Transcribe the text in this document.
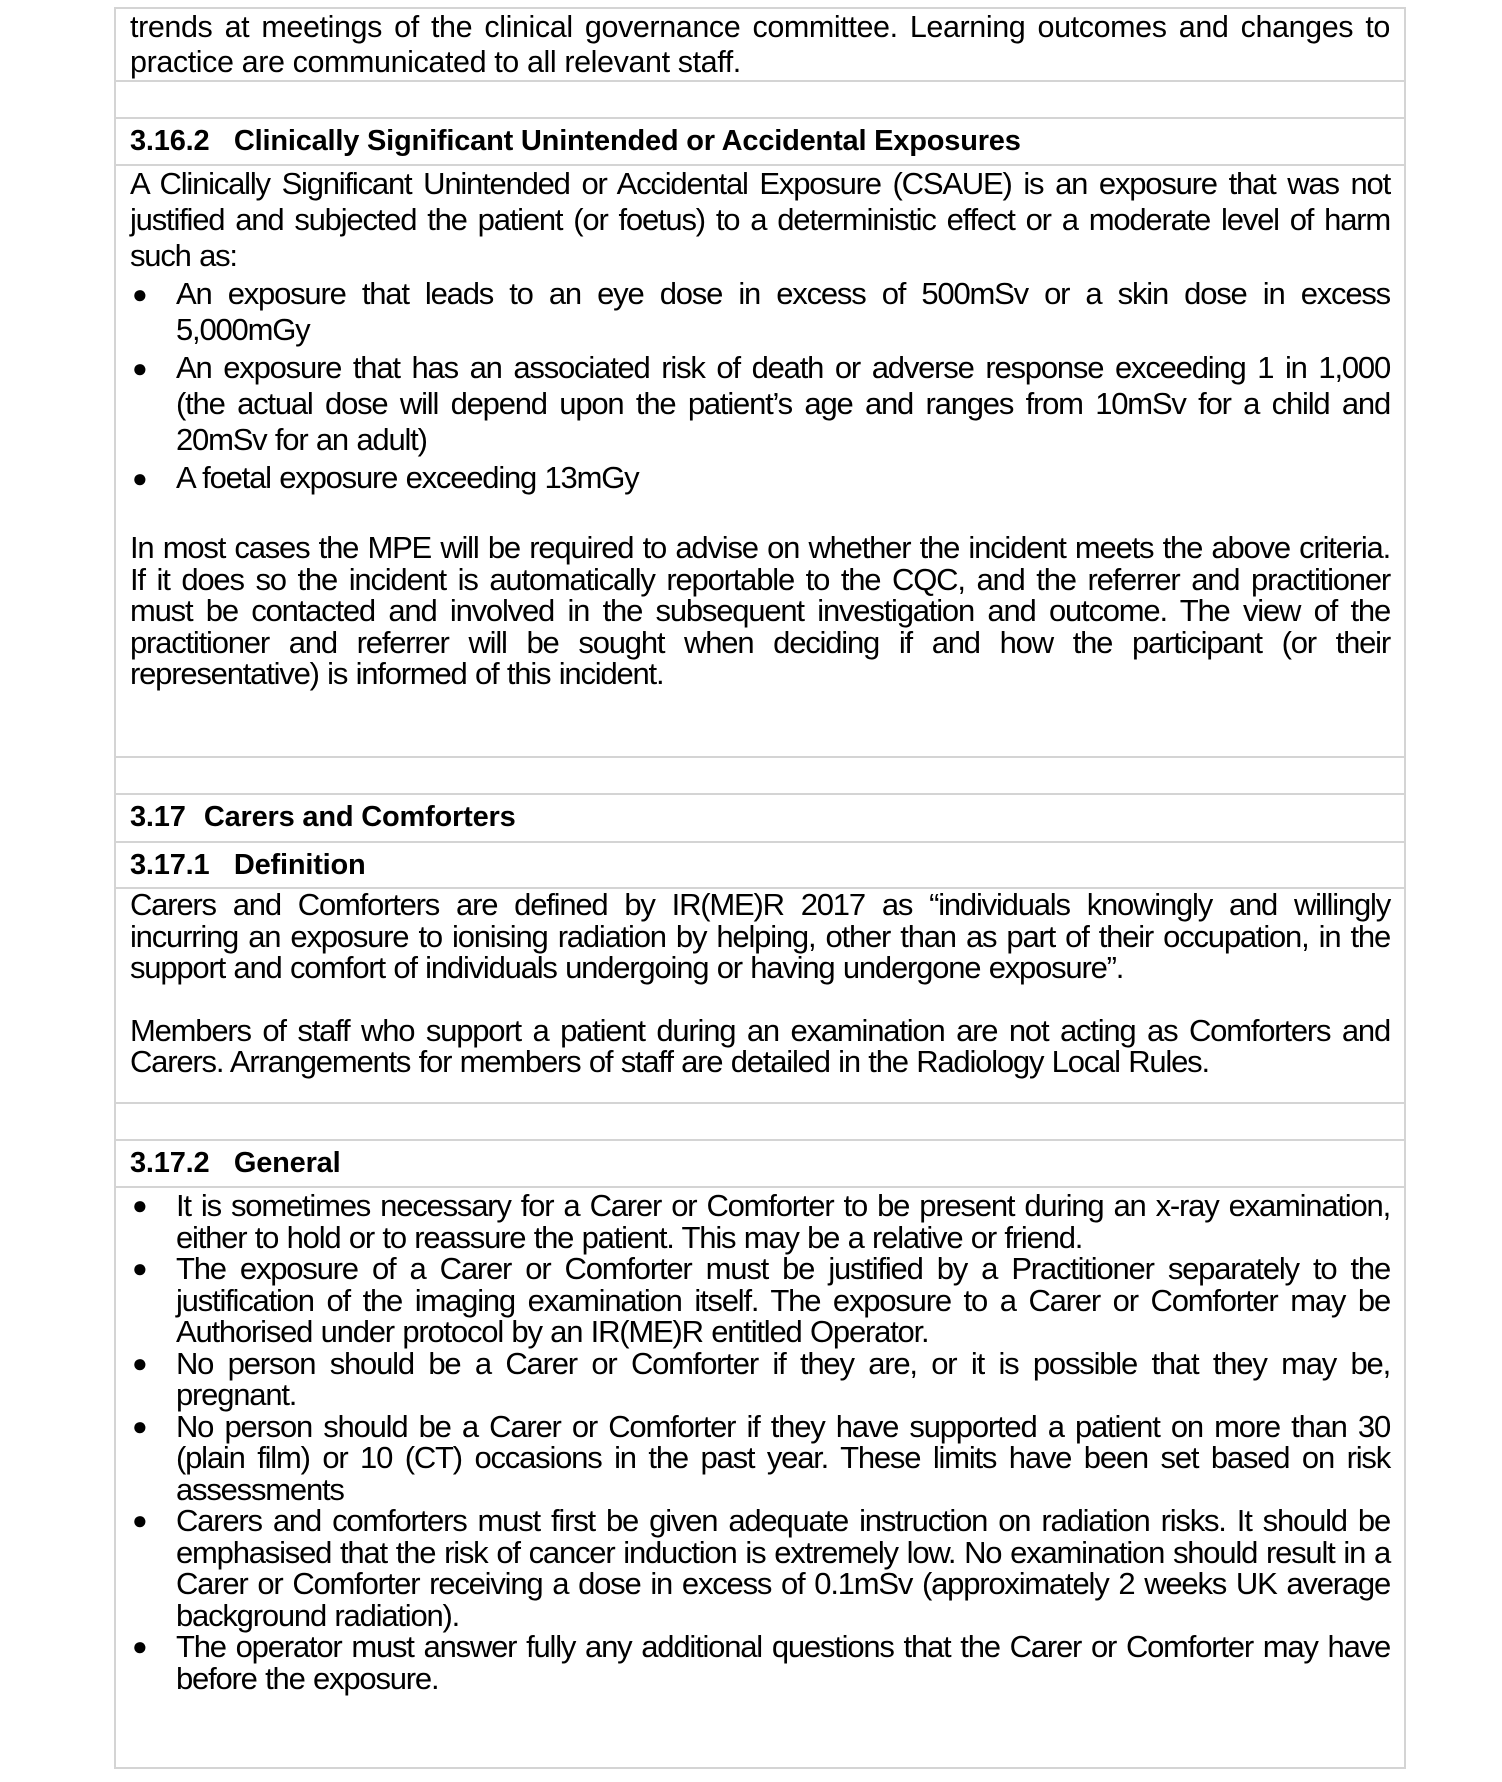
trends at meetings of the clinical governance committee. Learning outcomes and changes to practice are communicated to all relevant staff.

3.16.2 Clinically Significant Unintended or Accidental Exposures

A Clinically Significant Unintended or Accidental Exposure (CSAUE) is an exposure that was not justified and subjected the patient (or foetus) to a deterministic effect or a moderate level of harm such as:
● An exposure that leads to an eye dose in excess of 500mSv or a skin dose in excess 5,000mGy
● An exposure that has an associated risk of death or adverse response exceeding 1 in 1,000 (the actual dose will depend upon the patient’s age and ranges from 10mSv for a child and 20mSv for an adult)
● A foetal exposure exceeding 13mGy
In most cases the MPE will be required to advise on whether the incident meets the above criteria. If it does so the incident is automatically reportable to the CQC, and the referrer and practitioner must be contacted and involved in the subsequent investigation and outcome. The view of the practitioner and referrer will be sought when deciding if and how the participant (or their representative) is informed of this incident.

3.17 Carers and Comforters

3.17.1 Definition

Carers and Comforters are defined by IR(ME)R 2017 as “individuals knowingly and willingly incurring an exposure to ionising radiation by helping, other than as part of their occupation, in the support and comfort of individuals undergoing or having undergone exposure”.
Members of staff who support a patient during an examination are not acting as Comforters and Carers. Arrangements for members of staff are detailed in the Radiology Local Rules.

3.17.2 General

● It is sometimes necessary for a Carer or Comforter to be present during an x-ray examination, either to hold or to reassure the patient. This may be a relative or friend.
● The exposure of a Carer or Comforter must be justified by a Practitioner separately to the justification of the imaging examination itself. The exposure to a Carer or Comforter may be Authorised under protocol by an IR(ME)R entitled Operator.
● No person should be a Carer or Comforter if they are, or it is possible that they may be, pregnant.
● No person should be a Carer or Comforter if they have supported a patient on more than 30 (plain film) or 10 (CT) occasions in the past year. These limits have been set based on risk assessments
● Carers and comforters must first be given adequate instruction on radiation risks. It should be emphasised that the risk of cancer induction is extremely low. No examination should result in a Carer or Comforter receiving a dose in excess of 0.1mSv (approximately 2 weeks UK average background radiation).
● The operator must answer fully any additional questions that the Carer or Comforter may have before the exposure.
